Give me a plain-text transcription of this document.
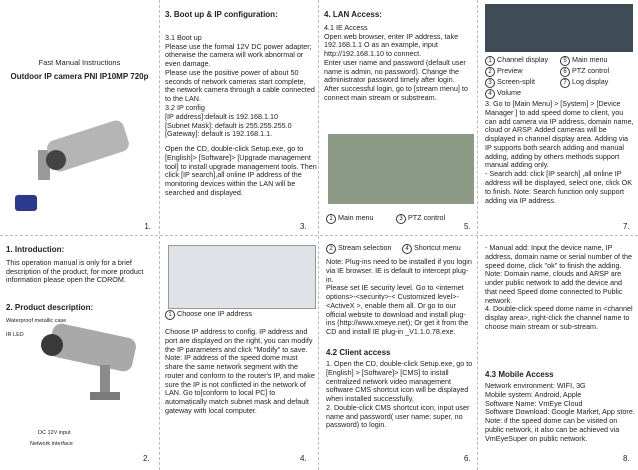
Fast Manual Instructions
Outdoor IP camera PNI IP10MP 720p
1.
1. Introduction:

This operation manual is only for a brief description of the product, for more product information please open the CDROM.

2. Product description:
Waterproof metallic case
IR LED
DC 12V input
Network interface
2.
3. Boot up & IP configuration:

3.1 Boot up
Please use the formal 12V DC power adapter; otherwise the camera will work abnormal or even damage.
Please use the positive power of about 50 seconds of network cameras start complete, the network camera through a cable connected to the LAN.
3.2 IP config
[IP address]:default is 192.168.1.10
[Subnet Mask]: default is 255.255.255.0
[Gateway]: default is 192.168.1.1.

Open the CD, double-click Setup.exe, go to [English]> [Software]> [Upgrade management tool] to install upgrade management tools. Then click [IP search],all online IP address of the monitoring devices within the LAN will be searched and displayed.

3.
1 Choose one IP address

Choose IP address to config. IP address and port are displayed on the right, you can modify the IP parameters and click "Modify" to save.
Note: IP address of the speed dome must share the same network segment with the router and conform to the router's IP, and make sure the IP is not conflicted in the network of LAN. Go to[conform to local PC] to automatically match subnet mask and default gateway with local computer.

4.
4. LAN Access:

4.1 IE Access
Open web browser, enter IP address, take 192.168.1.1 O as an example, input http://192.168.1.10 to connect.
Enter user name and password (default user name is admin, no password). Change the administrator password timely after login.
After successful login, go to [stream menu] to connect main stream or substream.

1 Main menu	3 PTZ control
5.
2 Stream selection	4 Shortcut menu

Note: Plug-ins need to be installed if you login via IE browser. IE is default to intercept plug-in.
Please set IE security level. Go to <internet options>-<security>-< Customized level>-<ActiveX >, enable them all. Or go to our official website to download and install plug-ins (http://www.xmeye.net); Or get it from the CD and install IE plug-in _V1.1.0.78.exe.

4.2 Client access

1. Open the CD, double-click Setup.exe, go to [English] > [Software]> [CMS] to install centralized network video management software CMS shortcut icon will be displayed when installed successfully.
2. Double-click CMS shortcut icon, input user name and password( user name: super, no password) to login.

6.
1 Channel display	5 Main menu
2 Preview	6 PTZ control
3 Screen-split	7 Log display
4 Volume

3. Go to [Main Menu] > [System] > [Device Manager ] to add speed dome to client, you can add camera via IP address, domain name, cloud or ARSP. Added cameras will be displayed in channel display area. Adding via IP supports both search adding and manual adding, adding by others methods support manual adding only.
- Search add: click [IP search] ,all online IP address will be displayed, select one, click OK to finish. Note: Search function only support adding via IP address.

7.

- Manual add: Input the device name, IP address, domain name or serial number of the speed dome, click "ok" to finish the adding.
Note: Domain name, clouds and ARSP are under public network to add the device and that need Speed dome connected to Public network.
4. Double-click speed dome name in <channel display area>, right-click the channel name to choose main stream or sub-stream.

4.3 Mobile Access

Network environment: WIFI, 3G
Mobile system: Android, Apple
Software Name: VmEye Cloud
Software Download: Google Market, App store. Note: if the speed dome can be visited on public network, it also can be achieved via VmEyeSuper on public network.

8.
